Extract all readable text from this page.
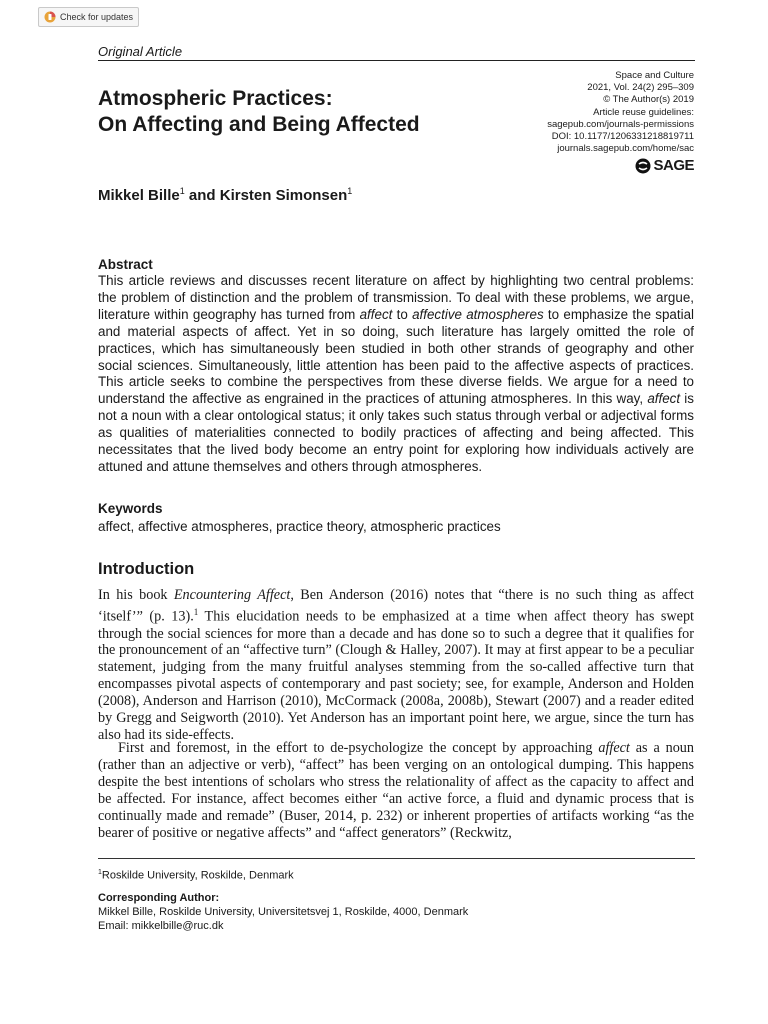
Check for updates
Original Article
Space and Culture
2021, Vol. 24(2) 295–309
© The Author(s) 2019
Article reuse guidelines:
sagepub.com/journals-permissions
DOI: 10.1177/1206331218819711
journals.sagepub.com/home/sac
SAGE
Atmospheric Practices:
On Affecting and Being Affected
Mikkel Bille$^1$ and Kirsten Simonsen$^1$
Abstract

This article reviews and discusses recent literature on affect by highlighting two central problems: the problem of distinction and the problem of transmission. To deal with these problems, we argue, literature within geography has turned from affect to affective atmospheres to emphasize the spatial and material aspects of affect. Yet in so doing, such literature has largely omitted the role of practices, which has simultaneously been studied in both other strands of geography and other social sciences. Simultaneously, little attention has been paid to the affective aspects of practices. This article seeks to combine the perspectives from these diverse fields. We argue for a need to understand the affective as engrained in the practices of attuning atmospheres. In this way, affect is not a noun with a clear ontological status; it only takes such status through verbal or adjectival forms as qualities of materialities connected to bodily practices of affecting and being affected. This necessitates that the lived body become an entry point for exploring how individuals actively are attuned and attune themselves and others through atmospheres.

Keywords
affect, affective atmospheres, practice theory, atmospheric practices
Introduction

In his book Encountering Affect, Ben Anderson (2016) notes that “there is no such thing as affect ‘itself’” (p. 13).$^1$ This elucidation needs to be emphasized at a time when affect theory has swept through the social sciences for more than a decade and has done so to such a degree that it qualifies for the pronouncement of an “affective turn” (Clough & Halley, 2007). It may at first appear to be a peculiar statement, judging from the many fruitful analyses stemming from the so-called affective turn that encompasses pivotal aspects of contemporary and past society; see, for example, Anderson and Holden (2008), Anderson and Harrison (2010), McCormack (2008a, 2008b), Stewart (2007) and a reader edited by Gregg and Seigworth (2010). Yet Anderson has an important point here, we argue, since the turn has also had its side-effects.

First and foremost, in the effort to de-psychologize the concept by approaching affect as a noun (rather than an adjective or verb), “affect” has been verging on an ontological dumping. This happens despite the best intentions of scholars who stress the relationality of affect as the capacity to affect and be affected. For instance, affect becomes either “an active force, a fluid and dynamic process that is continually made and remade” (Buser, 2014, p. 232) or inherent properties of artifacts working “as the bearer of positive or negative affects” and “affect generators” (Reckwitz,

$^1$Roskilde University, Roskilde, Denmark
Corresponding Author:
Mikkel Bille, Roskilde University, Universitetsvej 1, Roskilde, 4000, Denmark
Email: mikkelbille@ruc.dk
